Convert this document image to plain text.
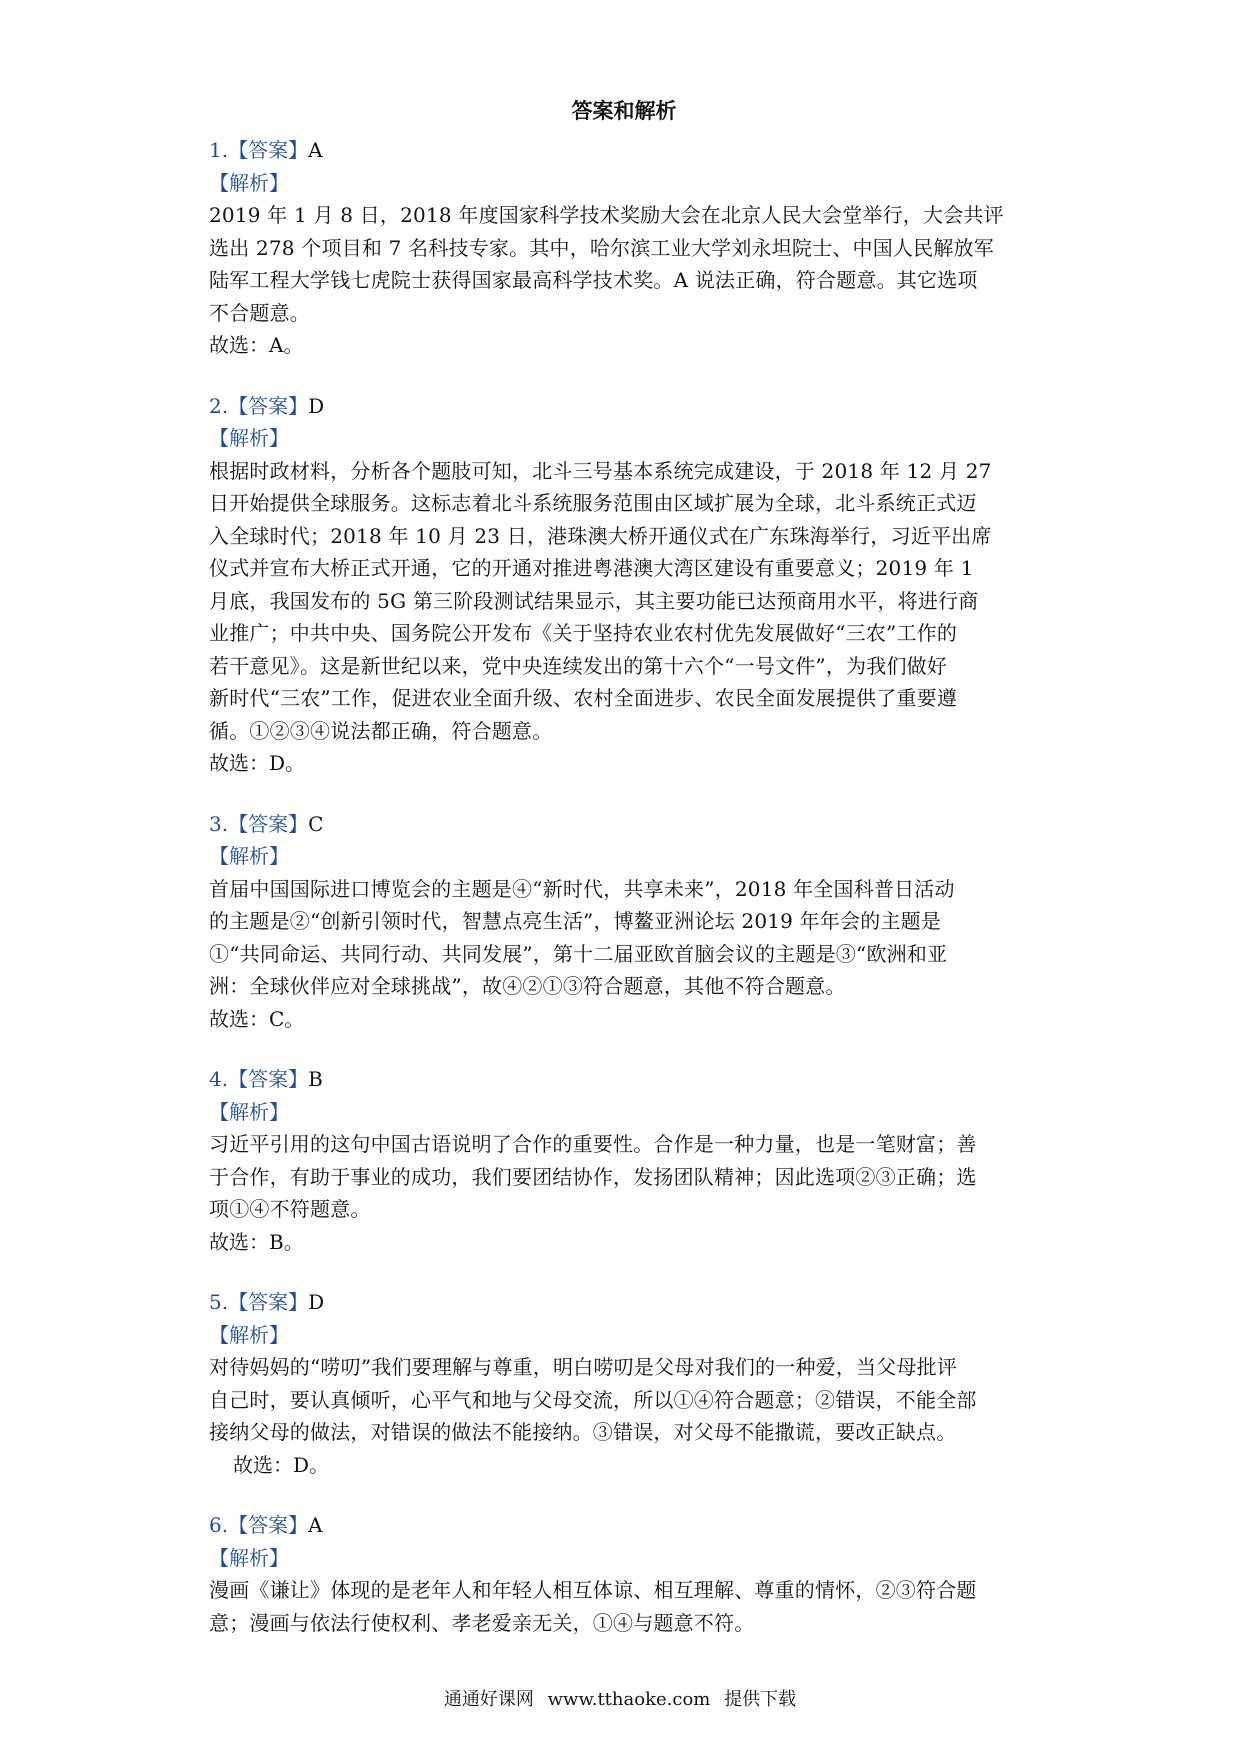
答案和解析
1.【答案】A
【解析】
2019 年 1 月 8 日，2018 年度国家科学技术奖励大会在北京人民大会堂举行，大会共评
选出 278 个项目和 7 名科技专家。其中，哈尔滨工业大学刘永坦院士、中国人民解放军
陆军工程大学钱七虎院士获得国家最高科学技术奖。A 说法正确，符合题意。其它选项
不合题意。
故选：A。
2.【答案】D
【解析】
根据时政材料，分析各个题肢可知，北斗三号基本系统完成建设，于 2018 年 12 月 27
日开始提供全球服务。这标志着北斗系统服务范围由区域扩展为全球，北斗系统正式迈
入全球时代；2018 年 10 月 23 日，港珠澳大桥开通仪式在广东珠海举行，习近平出席
仪式并宣布大桥正式开通，它的开通对推进粤港澳大湾区建设有重要意义；2019 年 1
月底，我国发布的 5G 第三阶段测试结果显示，其主要功能已达预商用水平，将进行商
业推广；中共中央、国务院公开发布《关于坚持农业农村优先发展做好“三农”工作的
若干意见》。这是新世纪以来，党中央连续发出的第十六个“一号文件”，为我们做好
新时代“三农”工作，促进农业全面升级、农村全面进步、农民全面发展提供了重要遵
循。①②③④说法都正确，符合题意。
故选：D。
3.【答案】C
【解析】
首届中国国际进口博览会的主题是④“新时代，共享未来”，2018 年全国科普日活动
的主题是②“创新引领时代，智慧点亮生活”，博鳌亚洲论坛 2019 年年会的主题是
①“共同命运、共同行动、共同发展”，第十二届亚欧首脑会议的主题是③“欧洲和亚
洲：全球伙伴应对全球挑战”，故④②①③符合题意，其他不符合题意。
故选：C。
4.【答案】B
【解析】
习近平引用的这句中国古语说明了合作的重要性。合作是一种力量，也是一笔财富；善
于合作，有助于事业的成功，我们要团结协作，发扬团队精神；因此选项②③正确；选
项①④不符题意。
故选：B。
5.【答案】D
【解析】
对待妈妈的“唠叨”我们要理解与尊重，明白唠叨是父母对我们的一种爱，当父母批评
自己时，要认真倾听，心平气和地与父母交流，所以①④符合题意；②错误，不能全部
接纳父母的做法，对错误的做法不能接纳。③错误，对父母不能撒谎，要改正缺点。
故选：D。
6.【答案】A
【解析】
漫画《谦让》体现的是老年人和年轻人相互体谅、相互理解、尊重的情怀，②③符合题
意；漫画与依法行使权利、孝老爱亲无关，①④与题意不符。
通通好课网 www.tthaoke.com 提供下载
